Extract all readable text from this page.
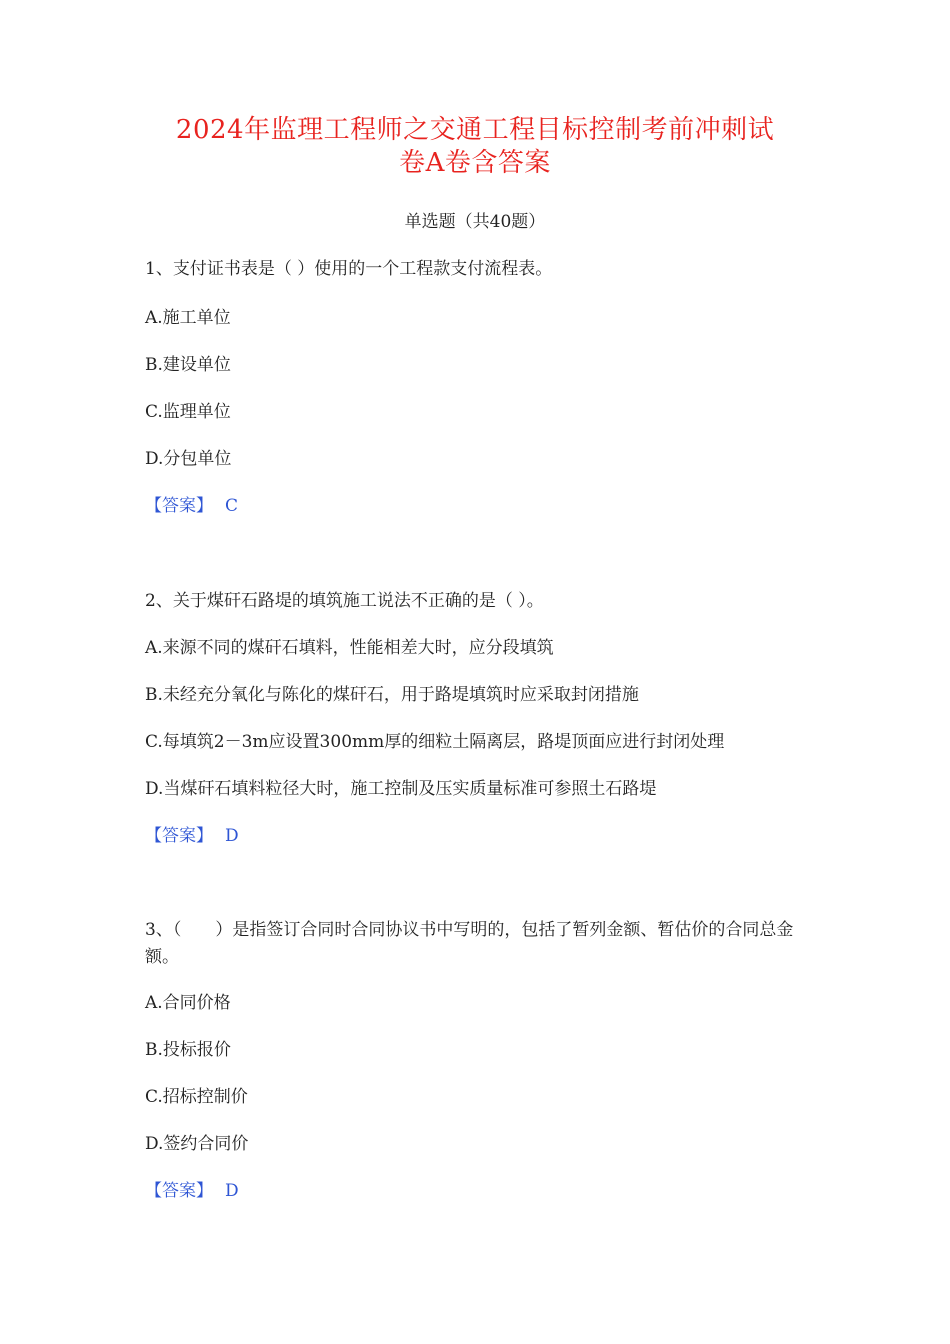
2024年监理工程师之交通工程目标控制考前冲刺试
卷A卷含答案
单选题（共40题）
1、支付证书表是（ ）使用的一个工程款支付流程表。
A.施工单位
B.建设单位
C.监理单位
D.分包单位
【答案】 C
2、关于煤矸石路堤的填筑施工说法不正确的是（ ）。
A.来源不同的煤矸石填料，性能相差大时，应分段填筑
B.未经充分氧化与陈化的煤矸石，用于路堤填筑时应采取封闭措施
C.每填筑2－3m应设置300mm厚的细粒土隔离层，路堤顶面应进行封闭处理
D.当煤矸石填料粒径大时，施工控制及压实质量标准可参照土石路堤
【答案】 D
3、（　　）是指签订合同时合同协议书中写明的，包括了暂列金额、暂估价的合同总金额。
A.合同价格
B.投标报价
C.招标控制价
D.签约合同价
【答案】 D
